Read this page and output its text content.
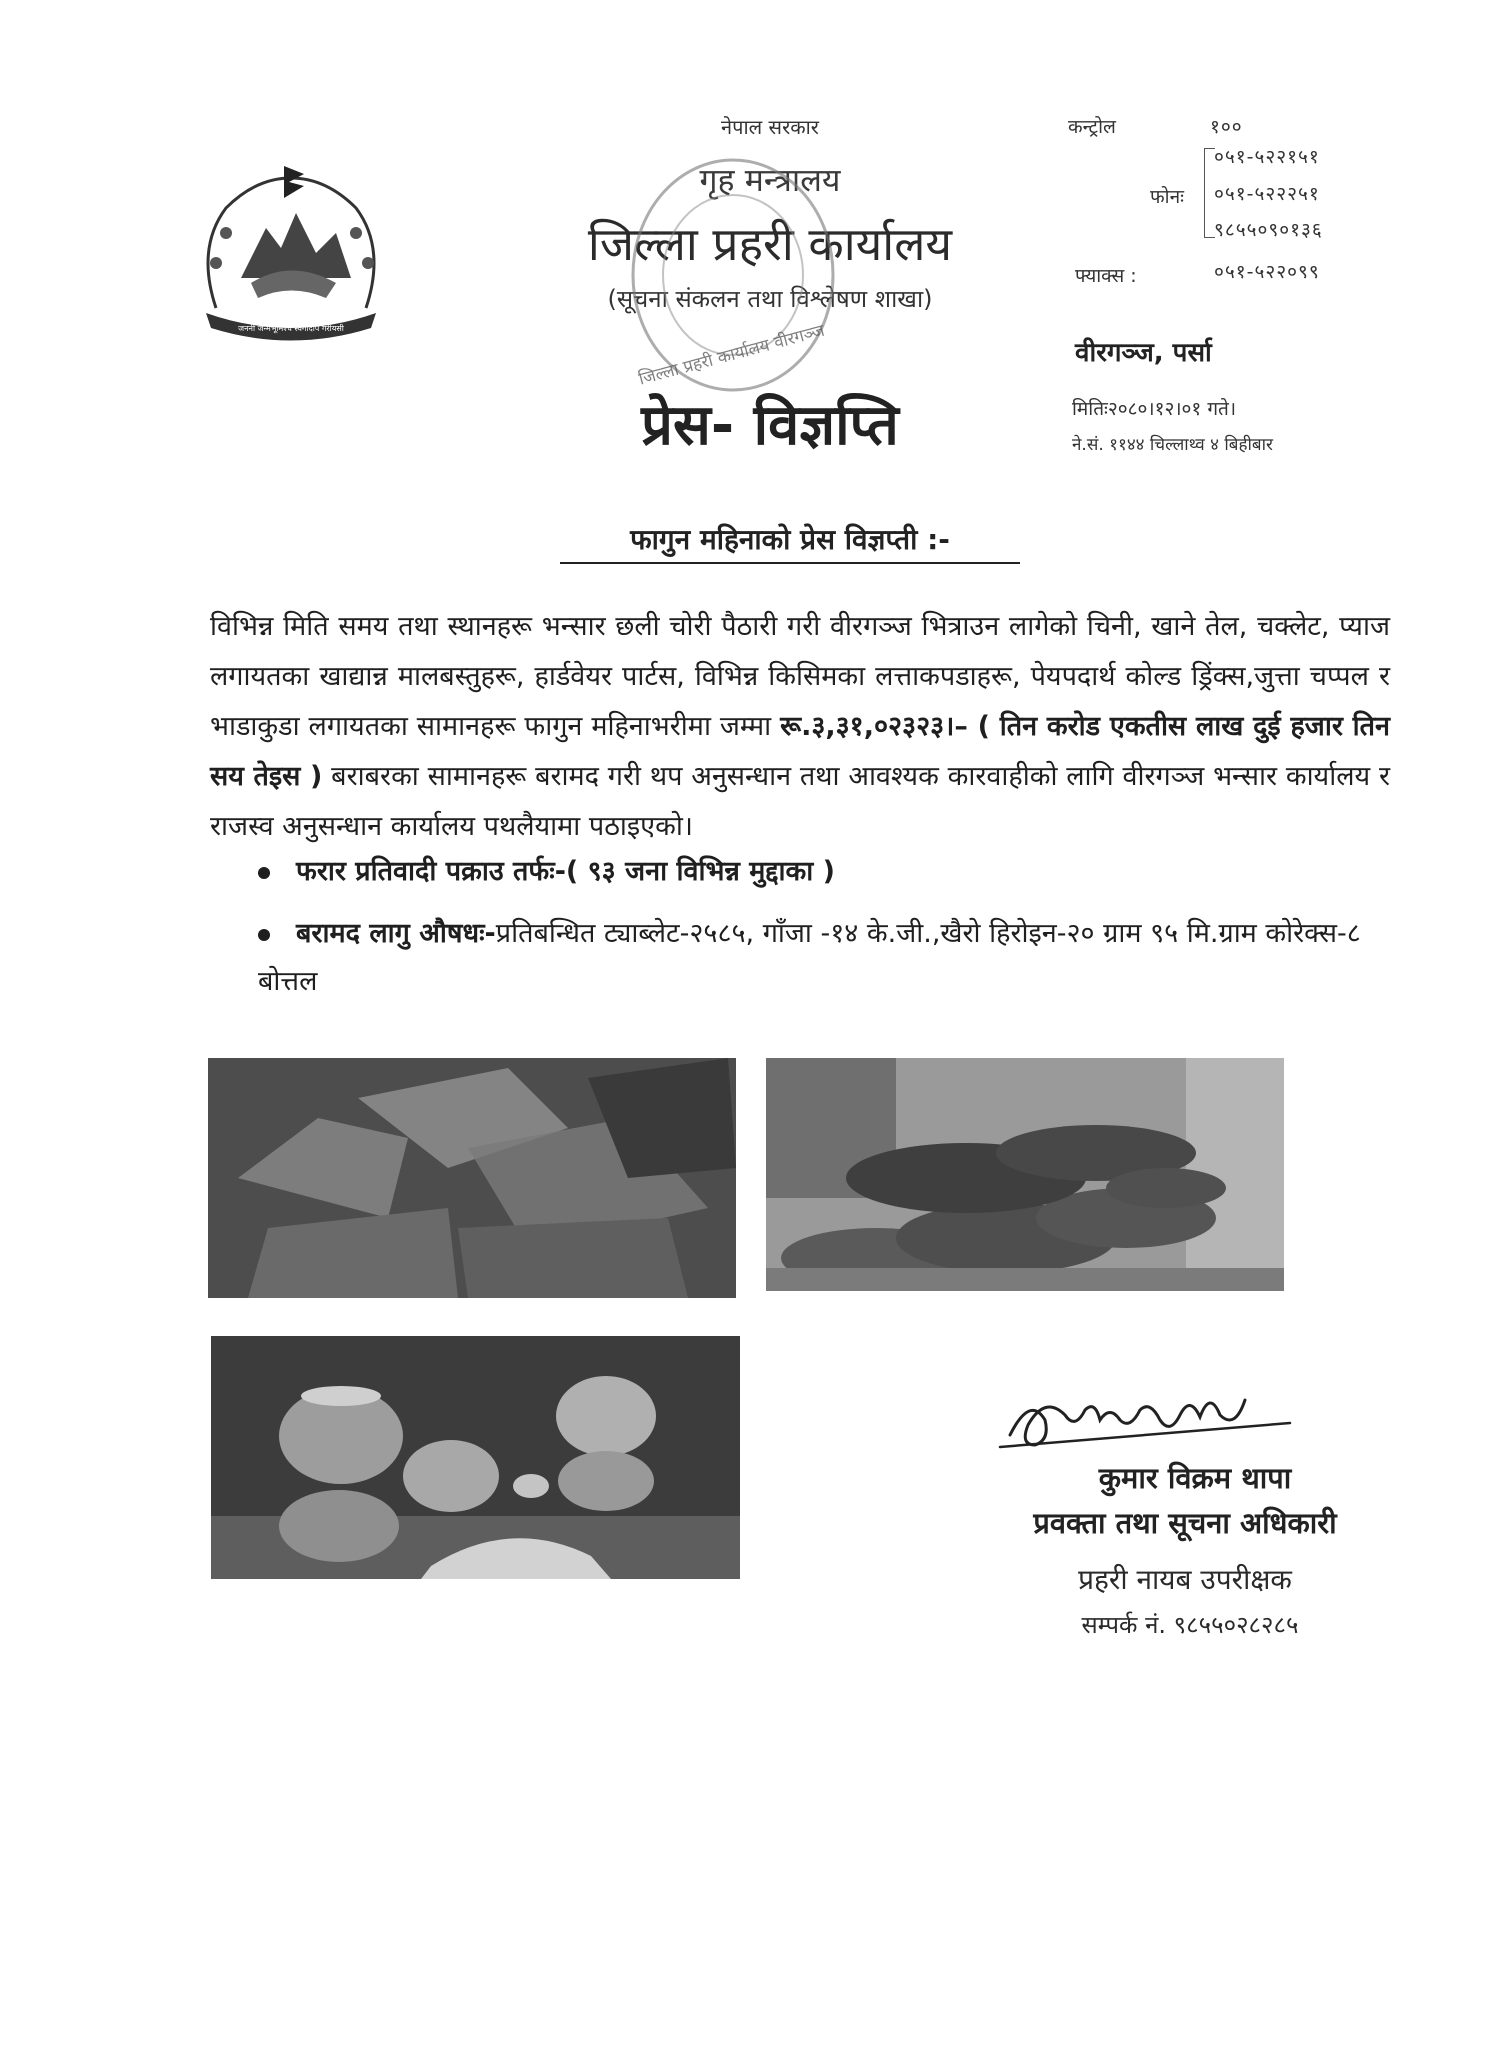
जननी जन्मभूमिश्च स्वर्गादपि गरीयसी
नेपाल सरकार
गृह मन्त्रालय
जिल्ला प्रहरी कार्यालय
(सूचना संकलन तथा विश्लेषण शाखा)
जिल्ला प्रहरी कार्यालय वीरगञ्ज
प्रेस- विज्ञप्ति
कन्ट्रोल	१००
फोनः
०५१-५२२१५१
०५१-५२२२५१
९८५५०९०१३६
फ्याक्स :	०५१-५२२०९९
वीरगञ्ज, पर्सा
मितिः२०८०।१२।०१ गते।
ने.सं. ११४४ चिल्लाथ्व ४ बिहीबार
फागुन महिनाको प्रेस विज्ञप्ती :-
विभिन्न मिति समय तथा स्थानहरू भन्सार छली चोरी पैठारी गरी वीरगञ्ज भित्राउन लागेको चिनी, खाने तेल, चक्लेट, प्याज लगायतका खाद्यान्न मालबस्तुहरू, हार्डवेयर पार्टस, विभिन्न किसिमका लत्ताकपडाहरू, पेयपदार्थ कोल्ड ड्रिंक्स,जुत्ता चप्पल र भाडाकुडा लगायतका सामानहरू फागुन महिनाभरीमा जम्मा रू.३,३१,०२३२३।– ( तिन करोड एकतीस लाख दुई हजार तिन सय तेइस ) बराबरका सामानहरू बरामद गरी थप अनुसन्धान तथा आवश्यक कारवाहीको लागि वीरगञ्ज भन्सार कार्यालय र राजस्व अनुसन्धान कार्यालय पथलैयामा पठाइएको।
फरार प्रतिवादी पक्राउ तर्फः-( ९३ जना विभिन्न मुद्दाका )
बरामद लागु औषधः-प्रतिबन्धित ट्याब्लेट-२५८५, गाँजा -१४ के.जी.,खैरो हिरोइन-२० ग्राम ९५ मि.ग्राम कोरेक्स-८ बोत्तल
कुमार विक्रम थापा
प्रवक्ता तथा सूचना अधिकारी
प्रहरी नायब उपरीक्षक
सम्पर्क नं. ९८५५०२८२८५
